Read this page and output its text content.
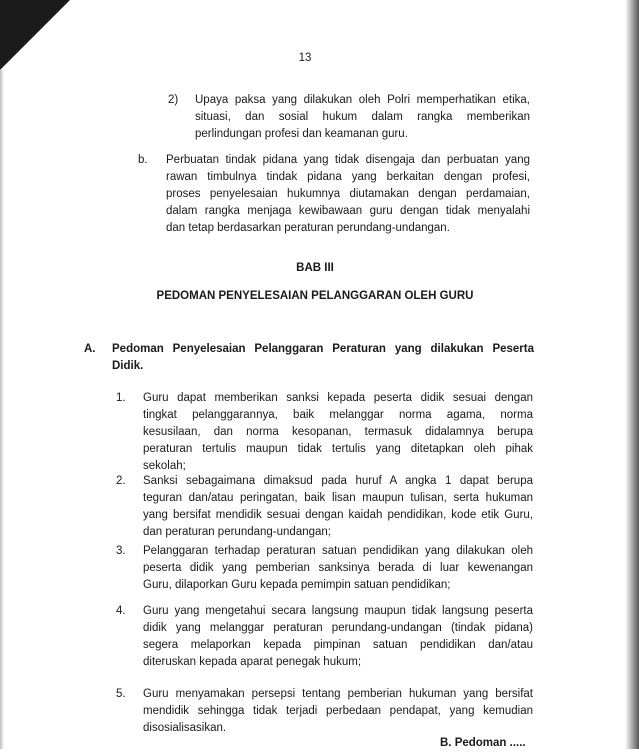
13
2) Upaya paksa yang dilakukan oleh Polri memperhatikan etika,
situasi, dan sosial hukum dalam rangka memberikan
perlindungan profesi dan keamanan guru.
b. Perbuatan tindak pidana yang tidak disengaja dan perbuatan yang
rawan timbulnya tindak pidana yang berkaitan dengan profesi,
proses penyelesaian hukumnya diutamakan dengan perdamaian,
dalam rangka menjaga kewibawaan guru dengan tidak menyalahi
dan tetap berdasarkan peraturan perundang-undangan.
BAB III
PEDOMAN PENYELESAIAN PELANGGARAN OLEH GURU
A. Pedoman Penyelesaian Pelanggaran Peraturan yang dilakukan Peserta
Didik.
1. Guru dapat memberikan sanksi kepada peserta didik sesuai dengan
tingkat pelanggarannya, baik melanggar norma agama, norma
kesusilaan, dan norma kesopanan, termasuk didalamnya berupa
peraturan tertulis maupun tidak tertulis yang ditetapkan oleh pihak
sekolah;
2. Sanksi sebagaimana dimaksud pada huruf A angka 1 dapat berupa
teguran dan/atau peringatan, baik lisan maupun tulisan, serta hukuman
yang bersifat mendidik sesuai dengan kaidah pendidikan, kode etik Guru,
dan peraturan perundang-undangan;
3. Pelanggaran terhadap peraturan satuan pendidikan yang dilakukan oleh
peserta didik yang pemberian sanksinya berada di luar kewenangan
Guru, dilaporkan Guru kepada pemimpin satuan pendidikan;
4. Guru yang mengetahui secara langsung maupun tidak langsung peserta
didik yang melanggar peraturan perundang-undangan (tindak pidana)
segera melaporkan kepada pimpinan satuan pendidikan dan/atau
diteruskan kepada aparat penegak hukum;
5. Guru menyamakan persepsi tentang pemberian hukuman yang bersifat
mendidik sehingga tidak terjadi perbedaan pendapat, yang kemudian
disosialisasikan.
B. Pedoman .....
